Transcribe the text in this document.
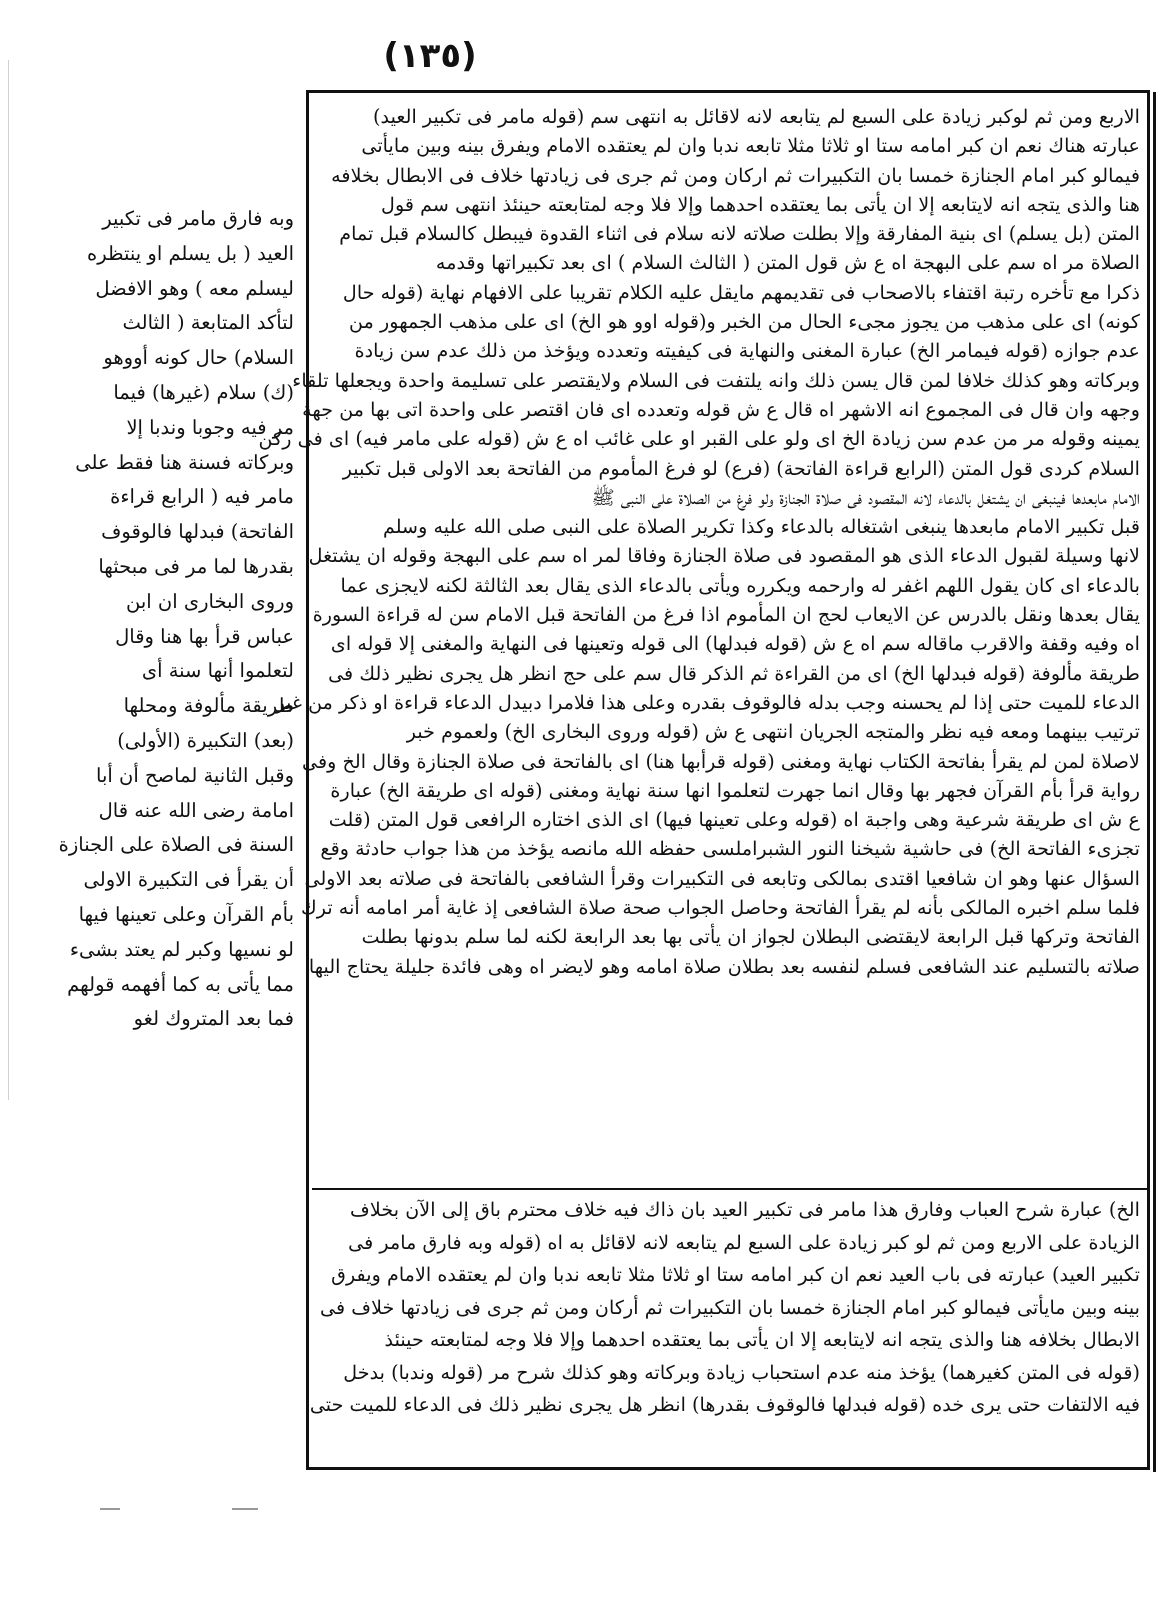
(١٣٥)
الاربع ومن ثم لوكبر زيادة على السبع لم يتابعه لانه لاقائل به انتهى سم (قوله مامر فى تكبير العيد)
عبارته هناك نعم ان كبر امامه ستا او ثلاثا مثلا تابعه ندبا وان لم يعتقده الامام ويفرق بينه وبين مايأتى
فيمالو كبر امام الجنازة خمسا بان التكبيرات ثم اركان ومن ثم جرى فى زيادتها خلاف فى الابطال بخلافه
هنا والذى يتجه انه لايتابعه إلا ان يأتى بما يعتقده احدهما وإلا فلا وجه لمتابعته حينئذ انتهى سم قول
المتن (بل يسلم) اى بنية المفارقة وإلا بطلت صلاته لانه سلام فى اثناء القدوة فيبطل كالسلام قبل تمام
الصلاة مر اه سم على البهجة اه ع ش قول المتن ( الثالث السلام ) اى بعد تكبيراتها وقدمه
ذكرا مع تأخره رتبة اقتفاء بالاصحاب فى تقديمهم مايقل عليه الكلام تقريبا على الافهام نهاية (قوله حال
كونه) اى على مذهب من يجوز مجىء الحال من الخبر و(قوله اوو هو الخ) اى على مذهب الجمهور من
عدم جوازه (قوله فيمامر الخ) عبارة المغنى والنهاية فى كيفيته وتعدده ويؤخذ من ذلك عدم سن زيادة
وبركاته وهو كذلك خلافا لمن قال يسن ذلك وانه يلتفت فى السلام ولايقتصر على تسليمة واحدة ويجعلها تلقاء
وجهه وان قال فى المجموع انه الاشهر اه قال ع ش قوله وتعدده اى فان اقتصر على واحدة اتى بها من جهة
يمينه وقوله مر من عدم سن زيادة الخ اى ولو على القبر او على غائب اه ع ش (قوله على مامر فيه) اى فى ركن
السلام كردى قول المتن (الرابع قراءة الفاتحة) (فرع) لو فرغ المأموم من الفاتحة بعد الاولى قبل تكبير
الامام مابعدها فينبغى ان يشتغل بالدعاء لانه المقصود فى صلاة الجنازة ولو فرغ من الصلاة على النبى ﷺ
قبل تكبير الامام مابعدها ينبغى اشتغاله بالدعاء وكذا تكرير الصلاة على النبى صلى الله عليه وسلم
لانها وسيلة لقبول الدعاء الذى هو المقصود فى صلاة الجنازة وفاقا لمر اه سم على البهجة وقوله ان يشتغل
بالدعاء اى كان يقول اللهم اغفر له وارحمه ويكرره ويأتى بالدعاء الذى يقال بعد الثالثة لكنه لايجزى عما
يقال بعدها ونقل بالدرس عن الايعاب لحج ان المأموم اذا فرغ من الفاتحة قبل الامام سن له قراءة السورة
اه وفيه وقفة والاقرب ماقاله سم اه ع ش (قوله فبدلها) الى قوله وتعينها فى النهاية والمغنى إلا قوله اى
طريقة مألوفة (قوله فبدلها الخ) اى من القراءة ثم الذكر قال سم على حج انظر هل يجرى نظير ذلك فى
الدعاء للميت حتى إذا لم يحسنه وجب بدله فالوقوف بقدره وعلى هذا فلامرا دبيدل الدعاء قراءة او ذكر من غير
ترتيب بينهما ومعه فيه نظر والمتجه الجريان انتهى ع ش (قوله وروى البخارى الخ) ولعموم خبر
لاصلاة لمن لم يقرأ بفاتحة الكتاب نهاية ومغنى (قوله قرأبها هنا) اى بالفاتحة فى صلاة الجنازة وقال الخ وفى
رواية قرأ بأم القرآن فجهر بها وقال انما جهرت لتعلموا انها سنة نهاية ومغنى (قوله اى طريقة الخ) عبارة
ع ش اى طريقة شرعية وهى واجبة اه (قوله وعلى تعينها فيها) اى الذى اختاره الرافعى قول المتن (قلت
تجزىء الفاتحة الخ) فى حاشية شيخنا النور الشبراملسى حفظه الله مانصه يؤخذ من هذا جواب حادثة وقع
السؤال عنها وهو ان شافعيا اقتدى بمالكى وتابعه فى التكبيرات وقرأ الشافعى بالفاتحة فى صلاته بعد الاولى
فلما سلم اخبره المالكى بأنه لم يقرأ الفاتحة وحاصل الجواب صحة صلاة الشافعى إذ غاية أمر امامه أنه ترك
الفاتحة وتركها قبل الرابعة لايقتضى البطلان لجواز ان يأتى بها بعد الرابعة لكنه لما سلم بدونها بطلت
صلاته بالتسليم عند الشافعى فسلم لنفسه بعد بطلان صلاة امامه وهو لايضر اه وهى فائدة جليلة يحتاج اليها
الخ) عبارة شرح العباب وفارق هذا مامر فى تكبير العيد بان ذاك فيه خلاف محترم باق إلى الآن بخلاف
الزيادة على الاربع ومن ثم لو كبر زيادة على السبع لم يتابعه لانه لاقائل به اه (قوله وبه فارق مامر فى
تكبير العيد) عبارته فى باب العيد نعم ان كبر امامه ستا او ثلاثا مثلا تابعه ندبا وان لم يعتقده الامام ويفرق
بينه وبين مايأتى فيمالو كبر امام الجنازة خمسا بان التكبيرات ثم أركان ومن ثم جرى فى زيادتها خلاف فى
الابطال بخلافه هنا والذى يتجه انه لايتابعه إلا ان يأتى بما يعتقده احدهما وإلا فلا وجه لمتابعته حينئذ
(قوله فى المتن كغيرهما) يؤخذ منه عدم استحباب زيادة وبركاته وهو كذلك شرح مر (قوله وندبا) بدخل
فيه الالتفات حتى يرى خده (قوله فبدلها فالوقوف بقدرها) انظر هل يجرى نظير ذلك فى الدعاء للميت حتى
وبه فارق مامر فى تكبير
العيد ( بل يسلم او ينتظره
ليسلم معه ) وهو الافضل
لتأكد المتابعة ( الثالث
السلام) حال كونه أووهو
(ك) سلام (غيرها) فيما
مر فيه وجوبا وندبا إلا
وبركاته فسنة هنا فقط على
مامر فيه ( الرابع قراءة
الفاتحة) فبدلها فالوقوف
بقدرها لما مر فى مبحثها
وروى البخارى ان ابن
عباس قرأ بها هنا وقال
لتعلموا أنها سنة أى
طريقة مألوفة ومحلها
(بعد) التكبيرة (الأولى)
وقبل الثانية لماصح أن أبا
امامة رضى الله عنه قال
السنة فى الصلاة على الجنازة
أن يقرأ فى التكبيرة الاولى
بأم القرآن وعلى تعينها فيها
لو نسيها وكبر لم يعتد بشىء
مما يأتى به كما أفهمه قولهم
فما بعد المتروك لغو
